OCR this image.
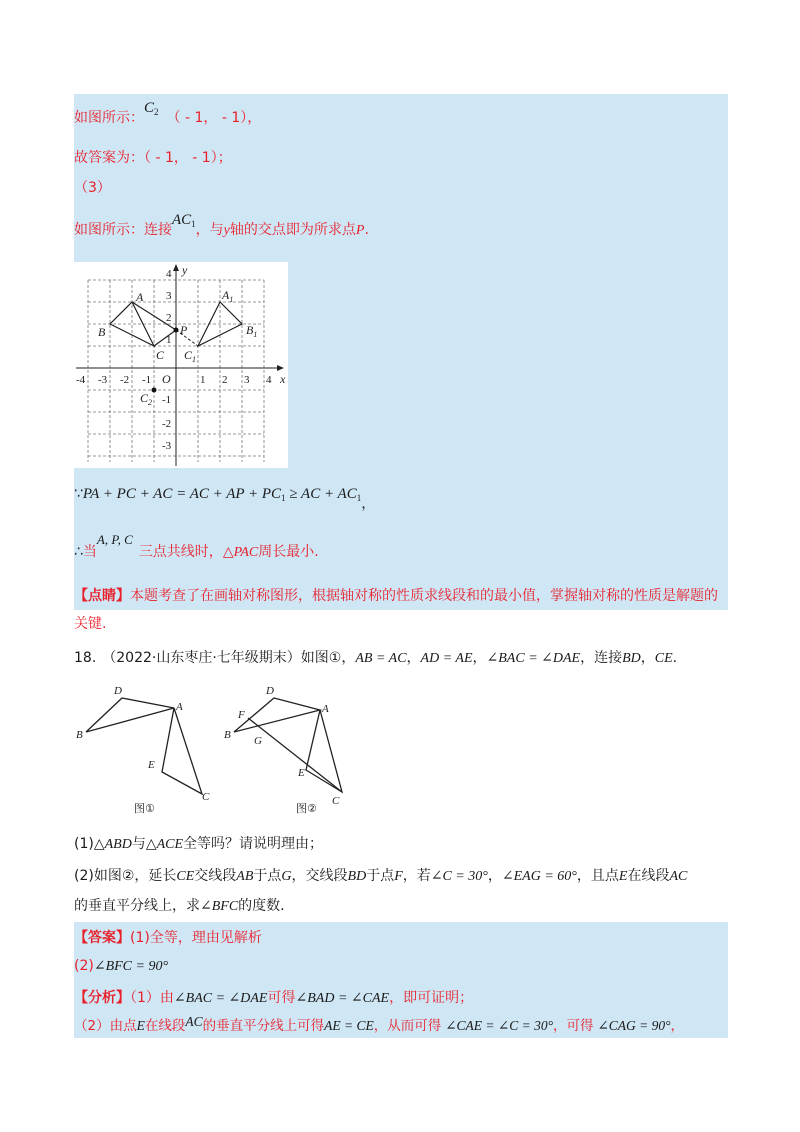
如图所示：$C_2$ （ - 1， - 1），
故答案为：（ - 1， - 1）；
（3）
如图所示：连接$AC_1$，与y轴的交点即为所求点P.
-4 -3 -2 -1	1 2 3 4
4
3
2
1
-1
-2
-3
O	x
y
A
B
C
P
$A_1$
$B_1$
$C_1$
$C_2$
∵PA + PC + AC = AC + AP + $PC_1$ ≥ AC + $AC_1$，
∴当A, P, C三点共线时，△PAC周长最小.
【点睛】本题考查了在画轴对称图形，根据轴对称的性质求线段和的最小值，掌握轴对称的性质是解题的
关键.
18. （2022·山东枣庄·七年级期末）如图①，AB = AC，AD = AE，∠BAC = ∠DAE，连接BD，CE.
D
A
B
E
C
图①
D
F	A
B G
E
C
图②
(1)△ABD与△ACE全等吗？请说明理由；
(2)如图②，延长CE交线段AB于点G，交线段BD于点F，若∠C = 30°，∠EAG = 60°，且点E在线段AC
的垂直平分线上，求∠BFC的度数.
【答案】(1)全等，理由见解析
(2)∠BFC = 90°
【分析】（1）由∠BAC = ∠DAE可得∠BAD = ∠CAE，即可证明；
（2）由点E在线段AC的垂直平分线上可得AE = CE，从而可得 ∠CAE = ∠C = 30°，可得 ∠CAG = 90°，
